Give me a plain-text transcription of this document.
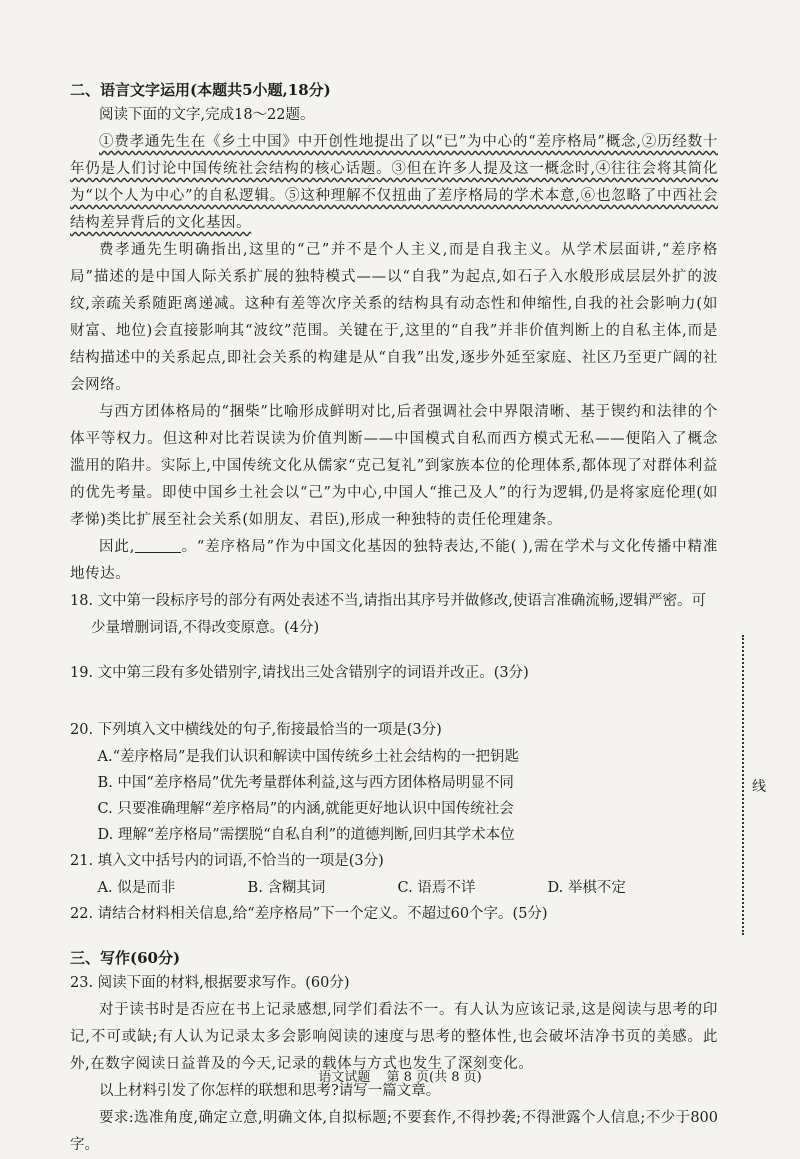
二、语言文字运用(本题共5小题,18分)

阅读下面的文字,完成18～22题。

①费孝通先生在《乡土中国》中开创性地提出了以“已”为中心的“差序格局”概念,②历经数十年仍是人们讨论中国传统社会结构的核心话题。③但在许多人提及这一概念时,④往往会将其简化为“以个人为中心”的自私逻辑。⑤这种理解不仅扭曲了差序格局的学术本意,⑥也忽略了中西社会结构差异背后的文化基因。

费孝通先生明确指出,这里的“己”并不是个人主义,而是自我主义。从学术层面讲,“差序格局”描述的是中国人际关系扩展的独特模式——以“自我”为起点,如石子入水般形成层层外扩的波纹,亲疏关系随距离递减。这种有差等次序关系的结构具有动态性和伸缩性,自我的社会影响力(如财富、地位)会直接影响其“波纹”范围。关键在于,这里的“自我”并非价值判断上的自私主体,而是结构描述中的关系起点,即社会关系的构建是从“自我”出发,逐步外延至家庭、社区乃至更广阔的社会网络。

与西方团体格局的“捆柴”比喻形成鲜明对比,后者强调社会中界限清晰、基于锲约和法律的个体平等权力。但这种对比若误读为价值判断——中国模式自私而西方模式无私——便陷入了概念滥用的陷井。实际上,中国传统文化从儒家“克己复礼”到家族本位的伦理体系,都体现了对群体利益的优先考量。即使中国乡土社会以“己”为中心,中国人“推己及人”的行为逻辑,仍是将家庭伦理(如孝悌)类比扩展至社会关系(如朋友、君臣),形成一种独特的责任伦理建条。

因此,	。“差序格局”作为中国文化基因的独特表达,不能( ),需在学术与文化传播中精准地传达。

18. 文中第一段标序号的部分有两处表述不当,请指出其序号并做修改,使语言准确流畅,逻辑严密。可少量增删词语,不得改变原意。(4分)

19. 文中第三段有多处错别字,请找出三处含错别字的词语并改正。(3分)

20. 下列填入文中横线处的句子,衔接最恰当的一项是(3分)

A.“差序格局”是我们认识和解读中国传统乡土社会结构的一把钥匙

B. 中国“差序格局”优先考量群体利益,这与西方团体格局明显不同

C. 只要准确理解“差序格局”的内涵,就能更好地认识中国传统社会

D. 理解“差序格局”需摆脱“自私自利”的道德判断,回归其学术本位

21. 填入文中括号内的词语,不恰当的一项是(3分)

A. 似是而非	B. 含糊其词	C. 语焉不详	D. 举棋不定

22. 请结合材料相关信息,给“差序格局”下一个定义。不超过60个字。(5分)

三、写作(60分)

23. 阅读下面的材料,根据要求写作。(60分)

对于读书时是否应在书上记录感想,同学们看法不一。有人认为应该记录,这是阅读与思考的印记,不可或缺;有人认为记录太多会影响阅读的速度与思考的整体性,也会破坏洁净书页的美感。此外,在数字阅读日益普及的今天,记录的载体与方式也发生了深刻变化。

以上材料引发了你怎样的联想和思考?请写一篇文章。

要求:选准角度,确定立意,明确文体,自拟标题;不要套作,不得抄袭;不得泄露个人信息;不少于800字。

线
语文试题 第 8 页(共 8 页)
